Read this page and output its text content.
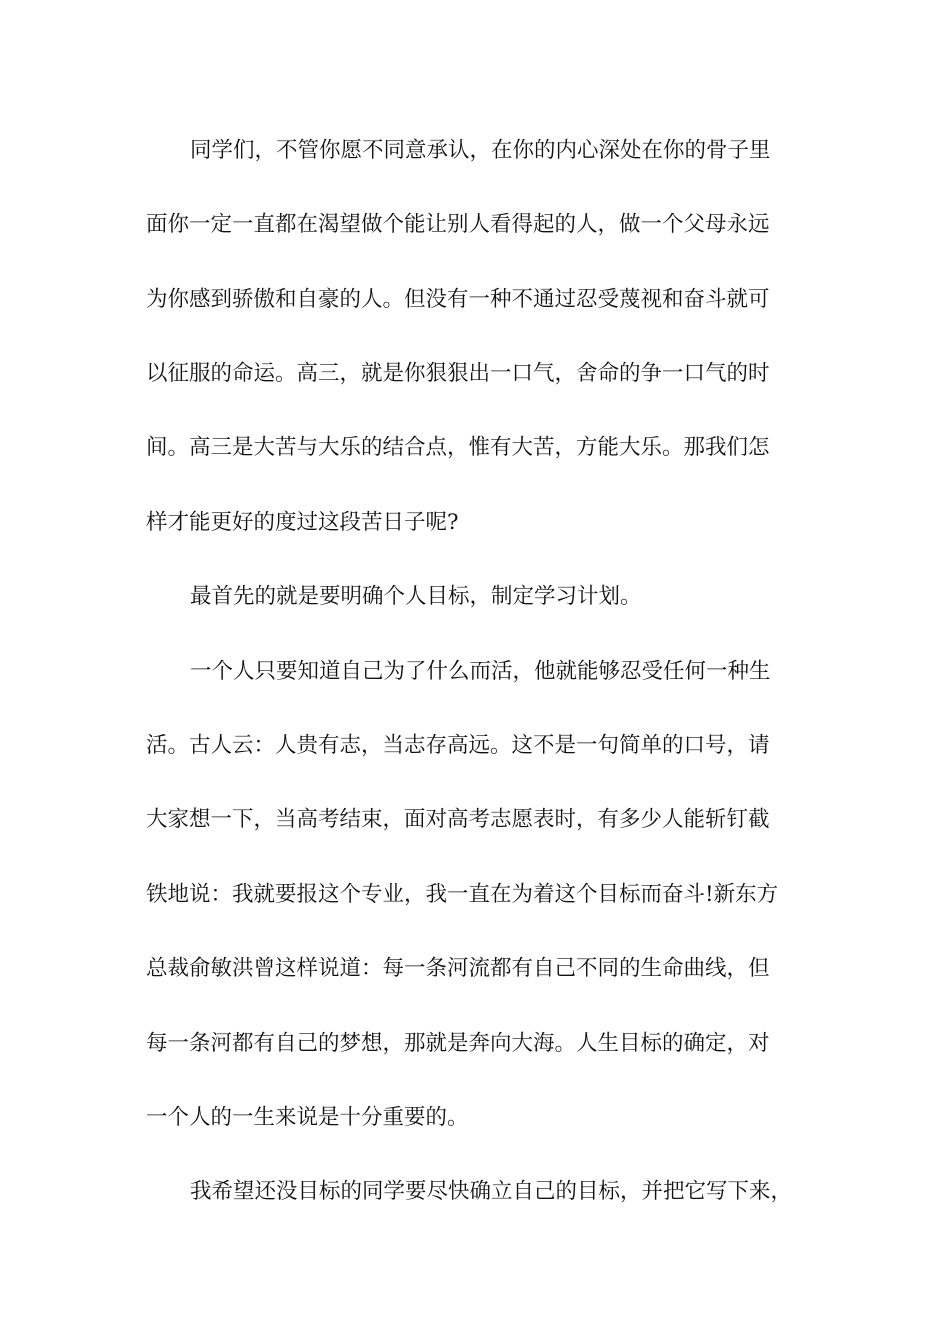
同学们，不管你愿不同意承认，在你的内心深处在你的骨子里
面你一定一直都在渴望做个能让别人看得起的人，做一个父母永远
为你感到骄傲和自豪的人。但没有一种不通过忍受蔑视和奋斗就可
以征服的命运。高三，就是你狠狠出一口气，舍命的争一口气的时
间。高三是大苦与大乐的结合点，惟有大苦，方能大乐。那我们怎
样才能更好的度过这段苦日子呢?
最首先的就是要明确个人目标，制定学习计划。
一个人只要知道自己为了什么而活，他就能够忍受任何一种生
活。古人云：人贵有志，当志存高远。这不是一句简单的口号，请
大家想一下，当高考结束，面对高考志愿表时，有多少人能斩钉截
铁地说：我就要报这个专业，我一直在为着这个目标而奋斗!新东方
总裁俞敏洪曾这样说道：每一条河流都有自己不同的生命曲线，但
每一条河都有自己的梦想，那就是奔向大海。人生目标的确定，对
一个人的一生来说是十分重要的。
我希望还没目标的同学要尽快确立自己的目标，并把它写下来，
